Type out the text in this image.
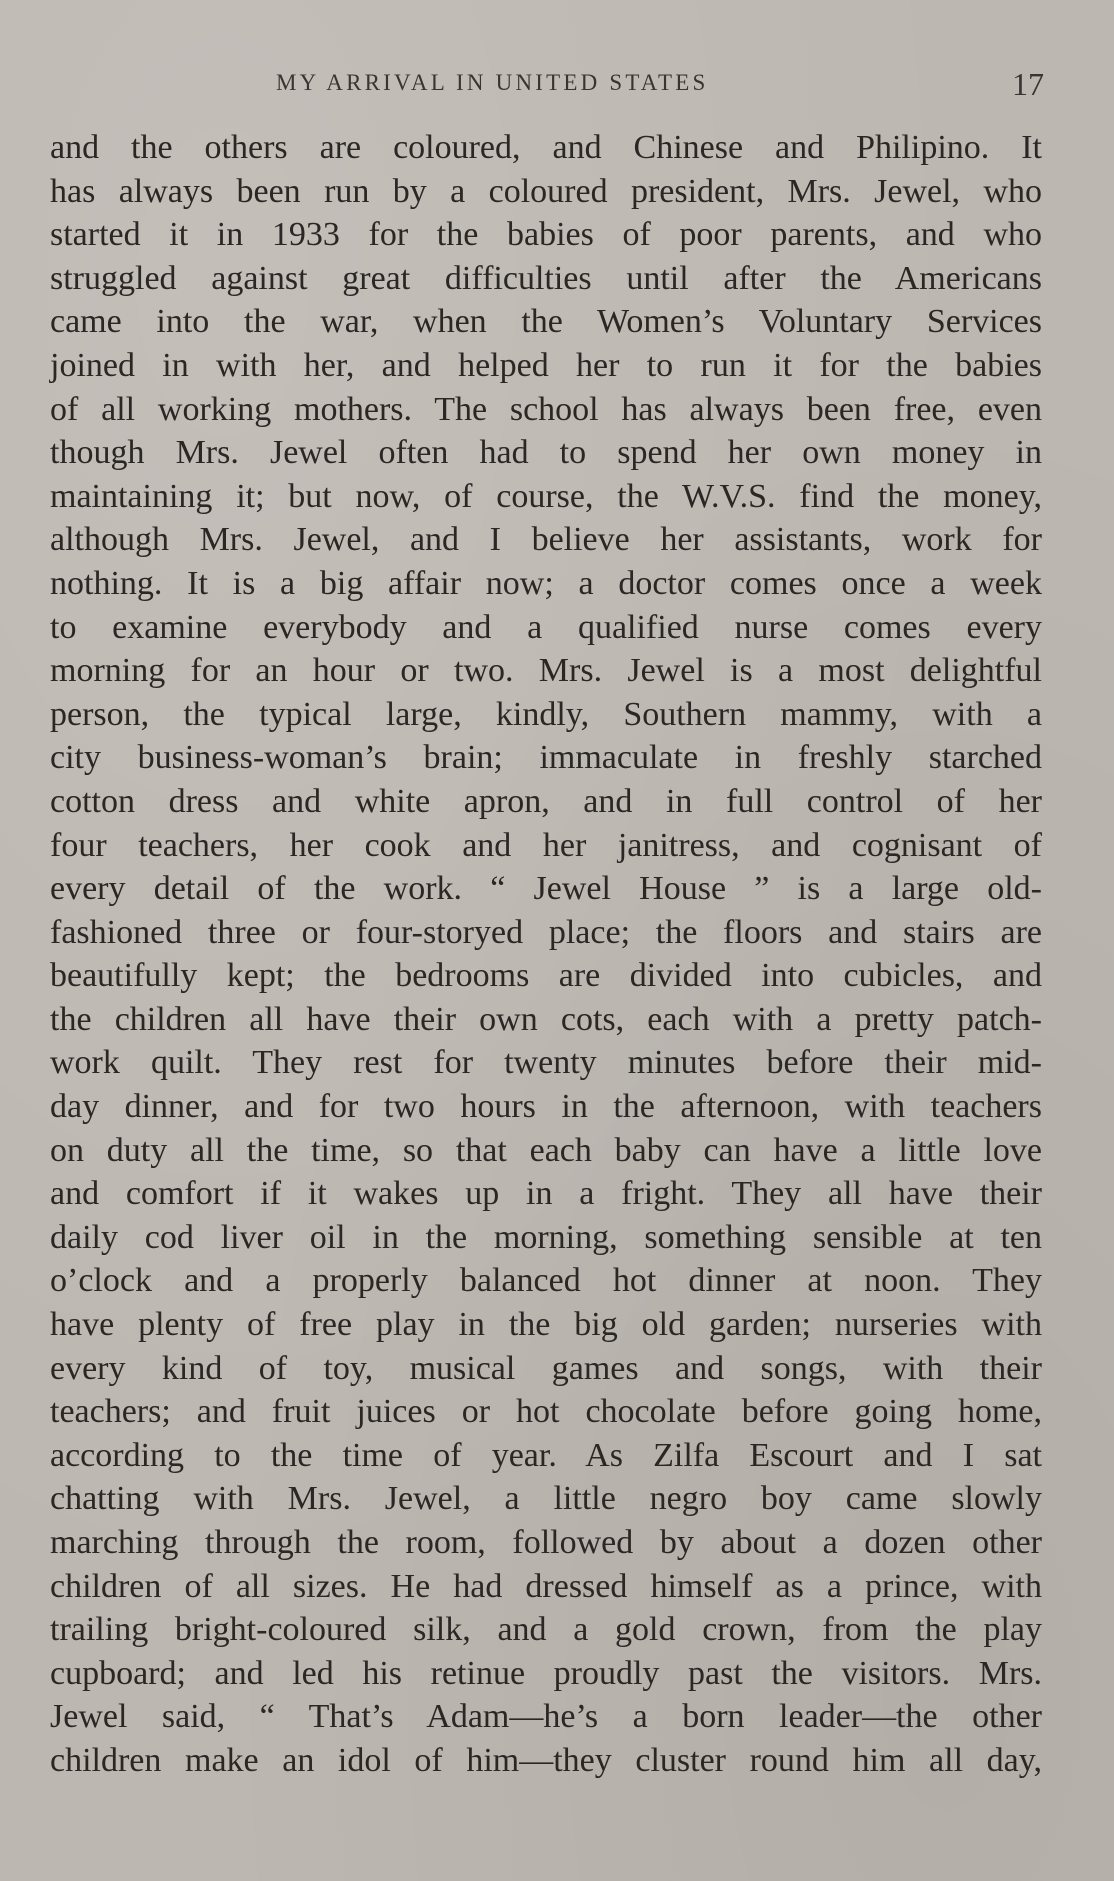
MY ARRIVAL IN UNITED STATES	17
and the others are coloured, and Chinese and Philipino. It
has always been run by a coloured president, Mrs. Jewel, who
started it in 1933 for the babies of poor parents, and who
struggled against great difficulties until after the Americans
came into the war, when the Women’s Voluntary Services
joined in with her, and helped her to run it for the babies
of all working mothers. The school has always been free, even
though Mrs. Jewel often had to spend her own money in
maintaining it; but now, of course, the W.V.S. find the money,
although Mrs. Jewel, and I believe her assistants, work for
nothing. It is a big affair now; a doctor comes once a week
to examine everybody and a qualified nurse comes every
morning for an hour or two. Mrs. Jewel is a most delightful
person, the typical large, kindly, Southern mammy, with a
city business-woman’s brain; immaculate in freshly starched
cotton dress and white apron, and in full control of her
four teachers, her cook and her janitress, and cognisant of
every detail of the work. “ Jewel House ” is a large old-
fashioned three or four-storyed place; the floors and stairs are
beautifully kept; the bedrooms are divided into cubicles, and
the children all have their own cots, each with a pretty patch-
work quilt. They rest for twenty minutes before their mid-
day dinner, and for two hours in the afternoon, with teachers
on duty all the time, so that each baby can have a little love
and comfort if it wakes up in a fright. They all have their
daily cod liver oil in the morning, something sensible at ten
o’clock and a properly balanced hot dinner at noon. They
have plenty of free play in the big old garden; nurseries with
every kind of toy, musical games and songs, with their
teachers; and fruit juices or hot chocolate before going home,
according to the time of year. As Zilfa Escourt and I sat
chatting with Mrs. Jewel, a little negro boy came slowly
marching through the room, followed by about a dozen other
children of all sizes. He had dressed himself as a prince, with
trailing bright-coloured silk, and a gold crown, from the play
cupboard; and led his retinue proudly past the visitors. Mrs.
Jewel said, “ That’s Adam—he’s a born leader—the other
children make an idol of him—they cluster round him all day,
